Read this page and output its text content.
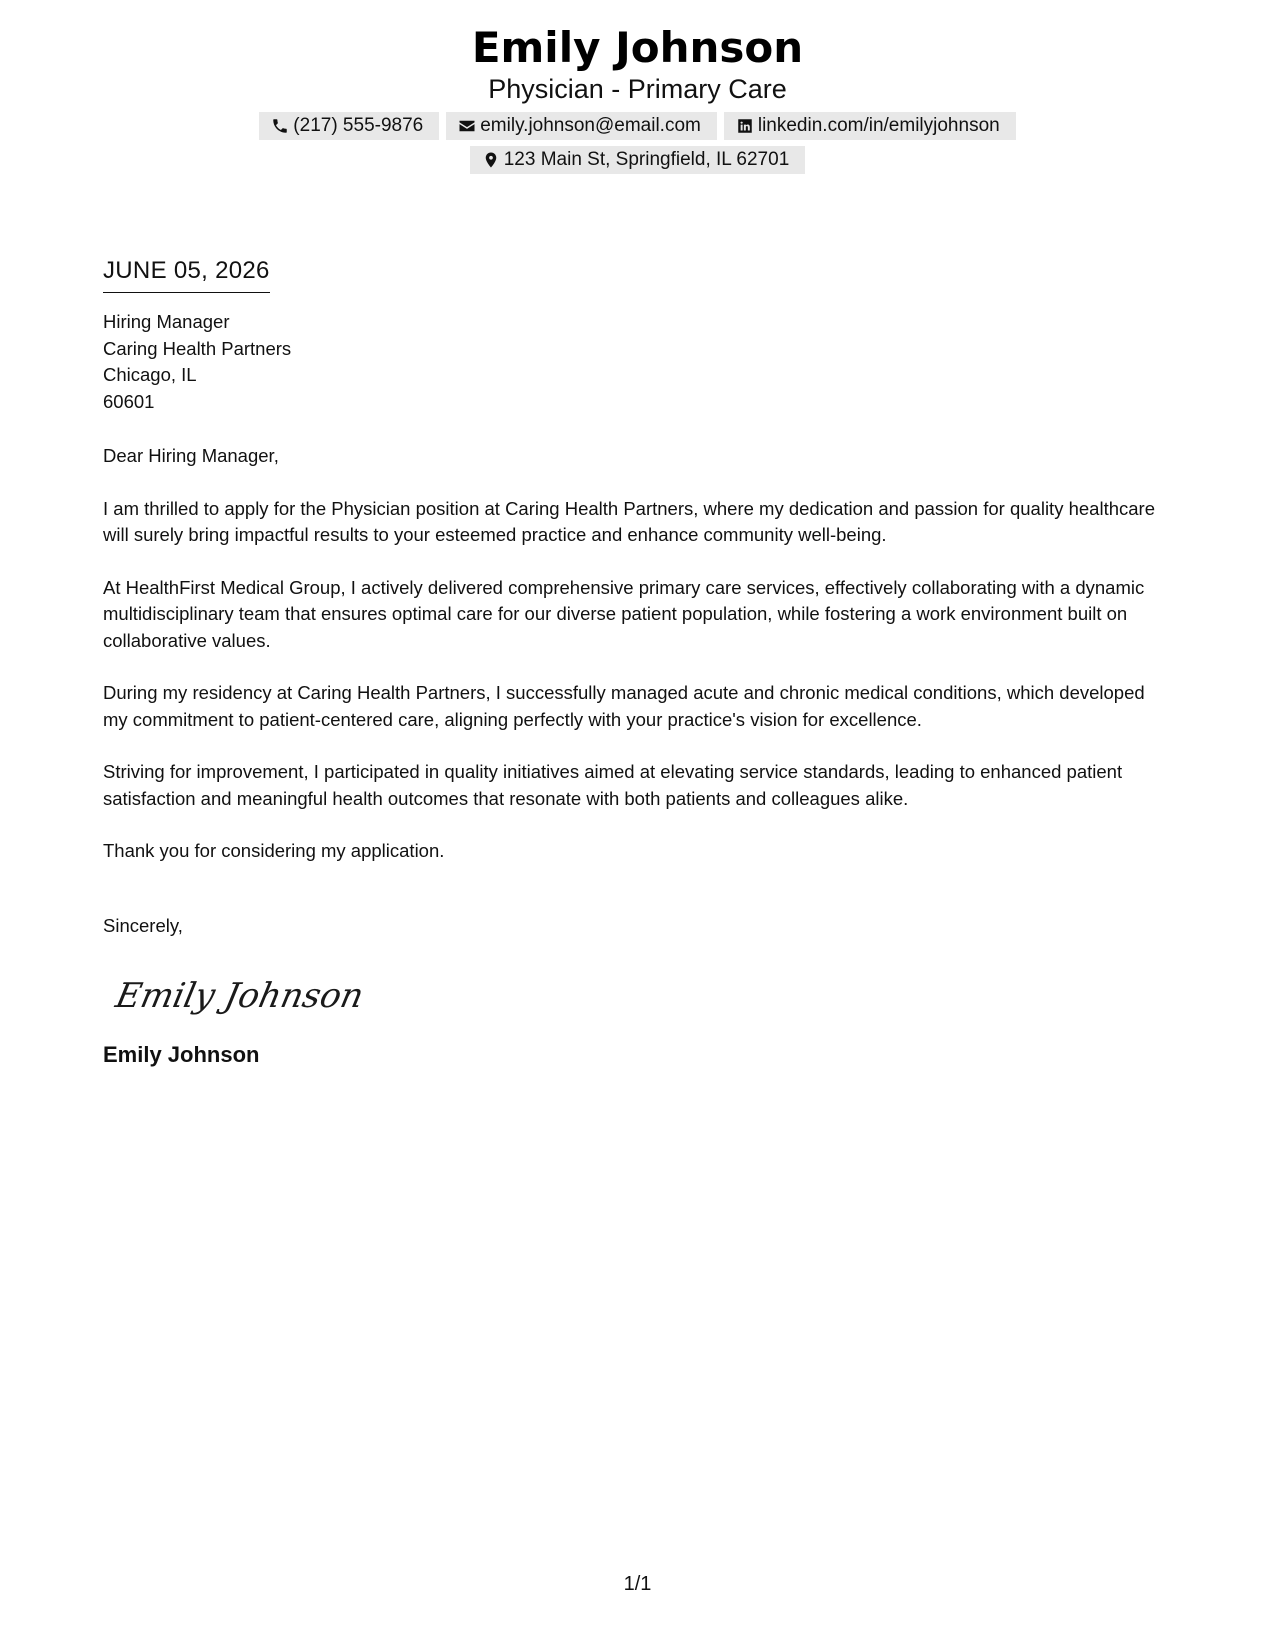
Emily Johnson
Physician - Primary Care
(217) 555-9876	emily.johnson@email.com	linkedin.com/in/emilyjohnson
123 Main St, Springfield, IL 62701
JUNE 05, 2026
Hiring Manager
Caring Health Partners
Chicago, IL
60601
Dear Hiring Manager,
I am thrilled to apply for the Physician position at Caring Health Partners, where my dedication and passion for quality healthcare will surely bring impactful results to your esteemed practice and enhance community well-being.
At HealthFirst Medical Group, I actively delivered comprehensive primary care services, effectively collaborating with a dynamic multidisciplinary team that ensures optimal care for our diverse patient population, while fostering a work environment built on collaborative values.
During my residency at Caring Health Partners, I successfully managed acute and chronic medical conditions, which developed my commitment to patient-centered care, aligning perfectly with your practice's vision for excellence.
Striving for improvement, I participated in quality initiatives aimed at elevating service standards, leading to enhanced patient satisfaction and meaningful health outcomes that resonate with both patients and colleagues alike.
Thank you for considering my application.
Sincerely,
Emily Johnson
Emily Johnson
1/1
